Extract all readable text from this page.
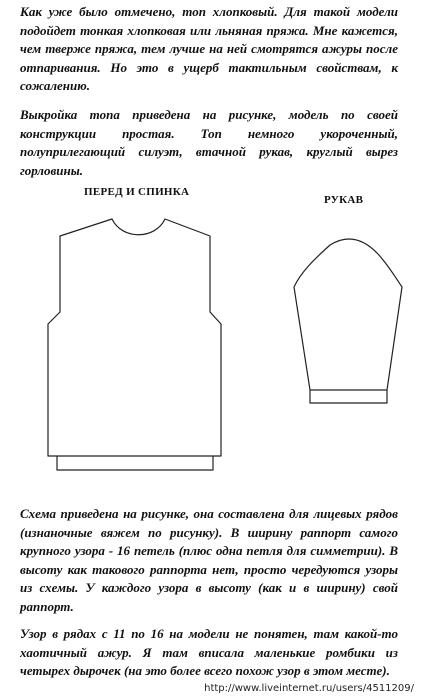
Как уже было отмечено, топ хлопковый. Для такой модели подойдет тонкая хлопковая или льняная пряжа. Мне кажется, чем тверже пряжа, тем лучше на ней смотрятся ажуры после отпаривания. Но это в ущерб тактильным свойствам, к сожалению.

Выкройка топа приведена на рисунке, модель по своей конструкции простая. Топ немного укороченный, полуприлегающий силуэт, втачной рукав, круглый вырез горловины.

ПЕРЕД И СПИНКА
РУКАВ

Схема приведена на рисунке, она составлена для лицевых рядов (изнаночные вяжем по рисунку). В ширину раппорт самого крупного узора - 16 петель (плюс одна петля для симметрии). В высоту как такового раппорта нет, просто чередуются узоры из схемы. У каждого узора в высоту (как и в ширину) свой раппорт.

Узор в рядах с 11 по 16 на модели не понятен, там какой-то хаотичный ажур. Я там вписала маленькие ромбики из четырех дырочек (на это более всего похож узор в этом месте).

http://www.liveinternet.ru/users/4511209/
